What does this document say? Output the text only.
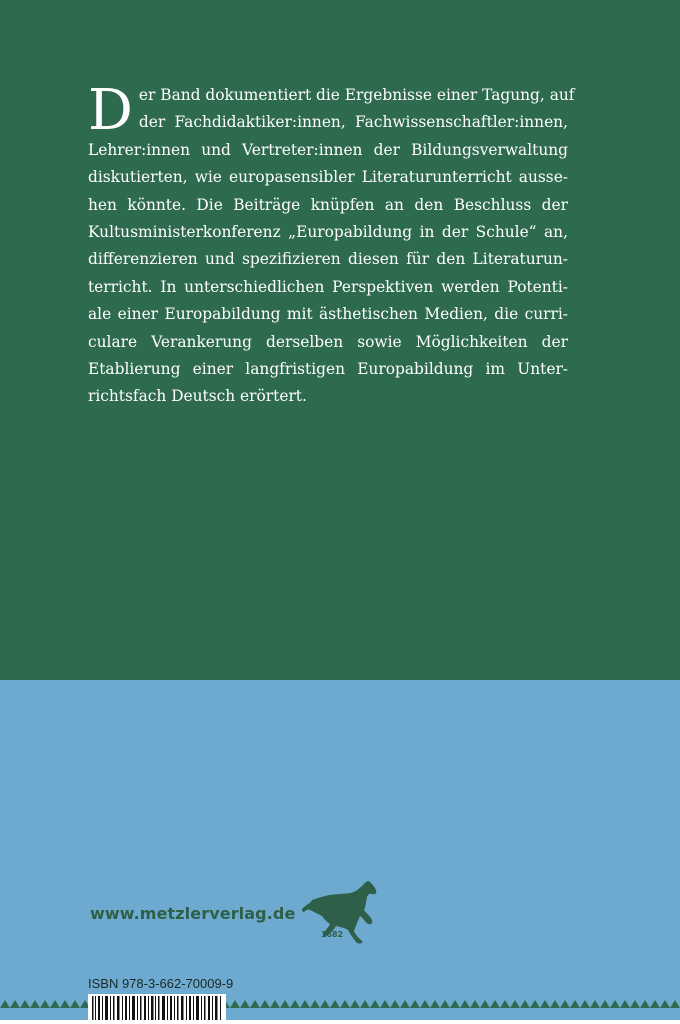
D er Band dokumentiert die Ergebnisse einer Tagung, auf
der Fachdidaktiker:innen, Fachwissenschaftler:innen,
Lehrer:innen und Vertreter:innen der Bildungsverwaltung
diskutierten, wie europasensibler Literaturunterricht ausse-
hen könnte. Die Beiträge knüpfen an den Beschluss der
Kultusministerkonferenz „Europabildung in der Schule“ an,
differenzieren und spezifizieren diesen für den Literaturun-
terricht. In unterschiedlichen Perspektiven werden Potenti-
ale einer Europabildung mit ästhetischen Medien, die curri-
culare Verankerung derselben sowie Möglichkeiten der
Etablierung einer langfristigen Europabildung im Unter-
richtsfach Deutsch erörtert.
www.metzlerverlag.de
1682
ISBN 978-3-662-70009-9
